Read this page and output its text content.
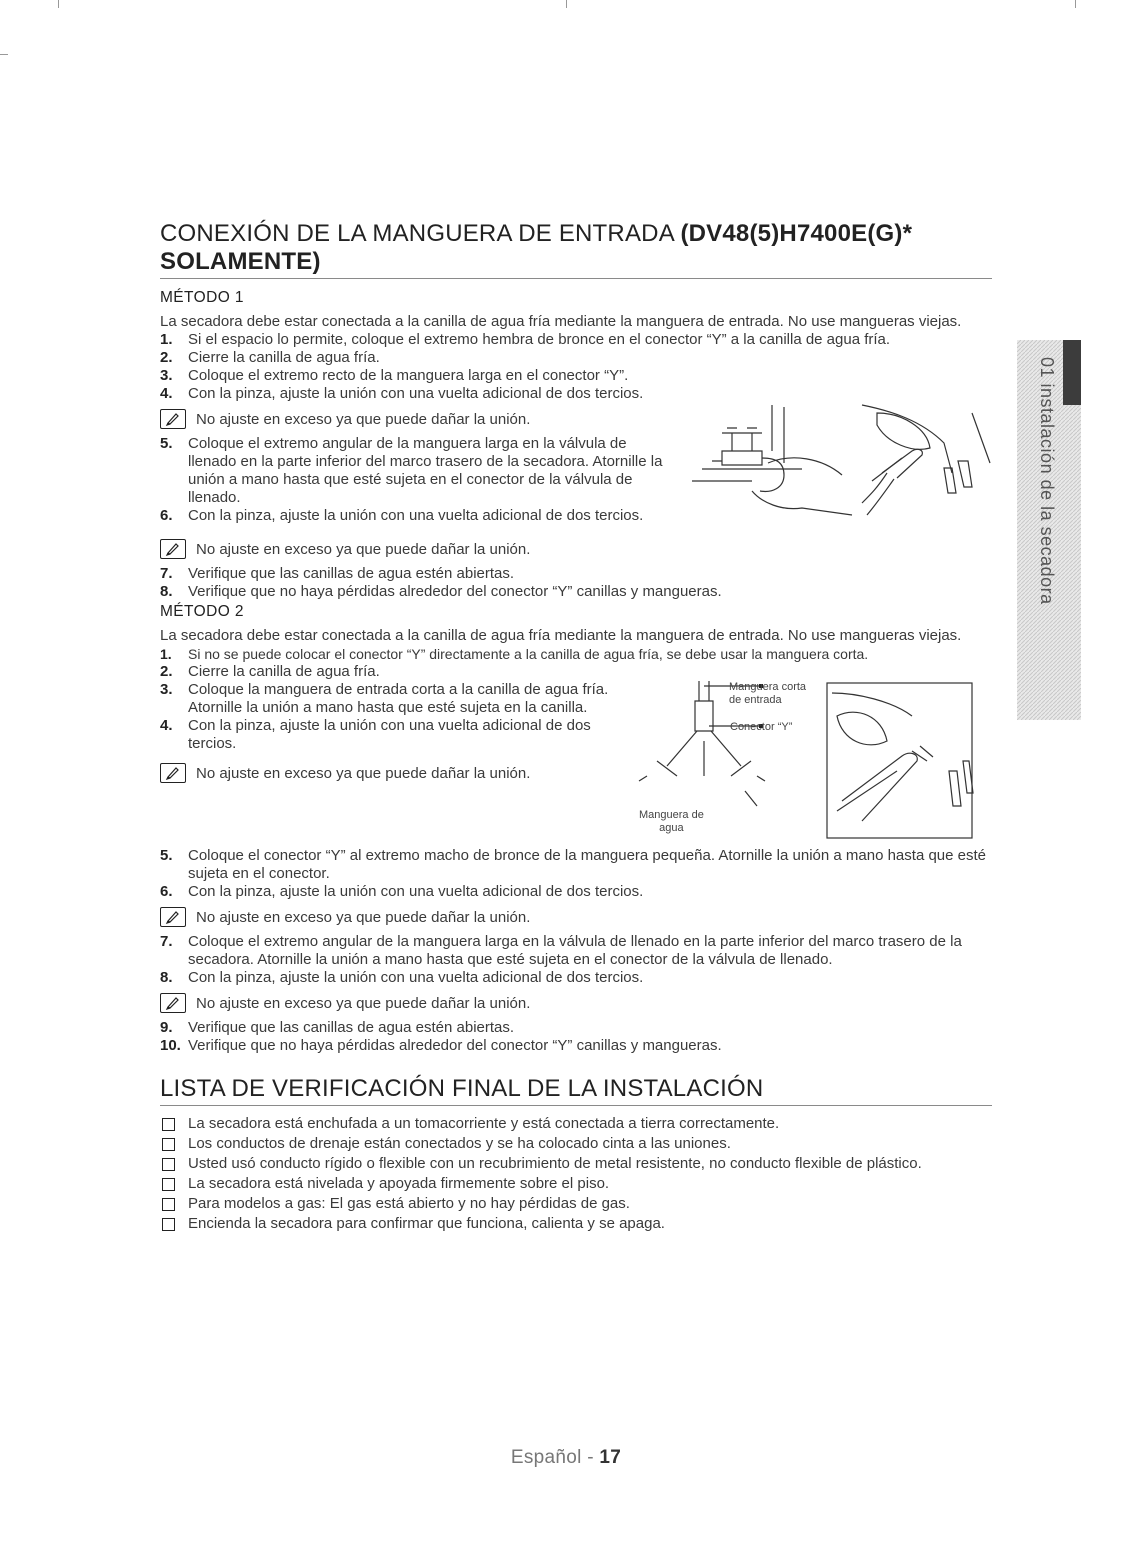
01 instalación de la secadora
CONEXIÓN DE LA MANGUERA DE ENTRADA (DV48(5)H7400E(G)*
SOLAMENTE)
MÉTODO 1

La secadora debe estar conectada a la canilla de agua fría mediante la manguera de entrada. No use mangueras viejas.

1. Si el espacio lo permite, coloque el extremo hembra de bronce en el conector “Y” a la canilla de agua fría.
2. Cierre la canilla de agua fría.
3. Coloque el extremo recto de la manguera larga en el conector “Y”.
4. Con la pinza, ajuste la unión con una vuelta adicional de dos tercios.
No ajuste en exceso ya que puede dañar la unión.
5. Coloque el extremo angular de la manguera larga en la válvula de llenado en la parte inferior del marco trasero de la secadora. Atornille la unión a mano hasta que esté sujeta en el conector de la válvula de llenado.
6. Con la pinza, ajuste la unión con una vuelta adicional de dos tercios.
No ajuste en exceso ya que puede dañar la unión.
7. Verifique que las canillas de agua estén abiertas.
8. Verifique que no haya pérdidas alrededor del conector “Y” canillas y mangueras.
MÉTODO 2

La secadora debe estar conectada a la canilla de agua fría mediante la manguera de entrada. No use mangueras viejas.

1. Si no se puede colocar el conector “Y” directamente a la canilla de agua fría, se debe usar la manguera corta.
2. Cierre la canilla de agua fría.
3. Coloque la manguera de entrada corta a la canilla de agua fría. Atornille la unión a mano hasta que esté sujeta en la canilla.
4. Con la pinza, ajuste la unión con una vuelta adicional de dos tercios.
No ajuste en exceso ya que puede dañar la unión.
Manguera corta
de entrada
Conector “Y”
Manguera de
agua
5. Coloque el conector “Y” al extremo macho de bronce de la manguera pequeña. Atornille la unión a mano hasta que esté sujeta en el conector.
6. Con la pinza, ajuste la unión con una vuelta adicional de dos tercios.
No ajuste en exceso ya que puede dañar la unión.
7. Coloque el extremo angular de la manguera larga en la válvula de llenado en la parte inferior del marco trasero de la secadora. Atornille la unión a mano hasta que esté sujeta en el conector de la válvula de llenado.
8. Con la pinza, ajuste la unión con una vuelta adicional de dos tercios.
No ajuste en exceso ya que puede dañar la unión.
9. Verifique que las canillas de agua estén abiertas.
10. Verifique que no haya pérdidas alrededor del conector “Y” canillas y mangueras.
LISTA DE VERIFICACIÓN FINAL DE LA INSTALACIÓN
La secadora está enchufada a un tomacorriente y está conectada a tierra correctamente.
Los conductos de drenaje están conectados y se ha colocado cinta a las uniones.
Usted usó conducto rígido o flexible con un recubrimiento de metal resistente, no conducto flexible de plástico.
La secadora está nivelada y apoyada firmemente sobre el piso.
Para modelos a gas: El gas está abierto y no hay pérdidas de gas.
Encienda la secadora para confirmar que funciona, calienta y se apaga.
Español - 17
